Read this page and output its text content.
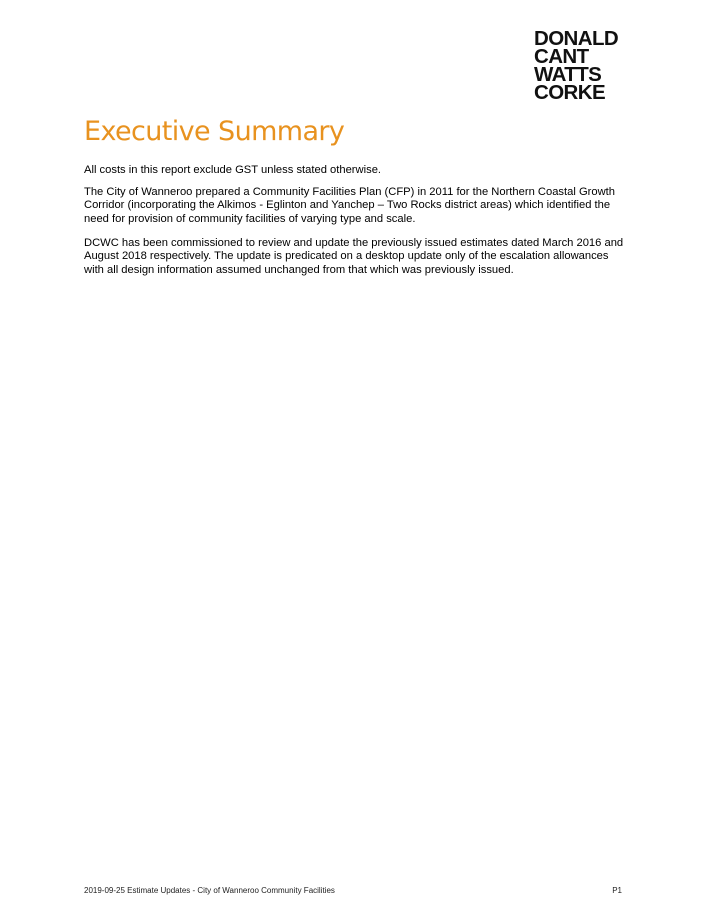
DONALD
CANT
WATTS
CORKE
Executive Summary

All costs in this report exclude GST unless stated otherwise.

The City of Wanneroo prepared a Community Facilities Plan (CFP) in 2011 for the Northern Coastal Growth Corridor (incorporating the Alkimos - Eglinton and Yanchep – Two Rocks district areas) which identified the need for provision of community facilities of varying type and scale.

DCWC has been commissioned to review and update the previously issued estimates dated March 2016 and August 2018 respectively. The update is predicated on a desktop update only of the escalation allowances with all design information assumed unchanged from that which was previously issued.

2019-09-25 Estimate Updates - City of Wanneroo Community Facilities	P1
